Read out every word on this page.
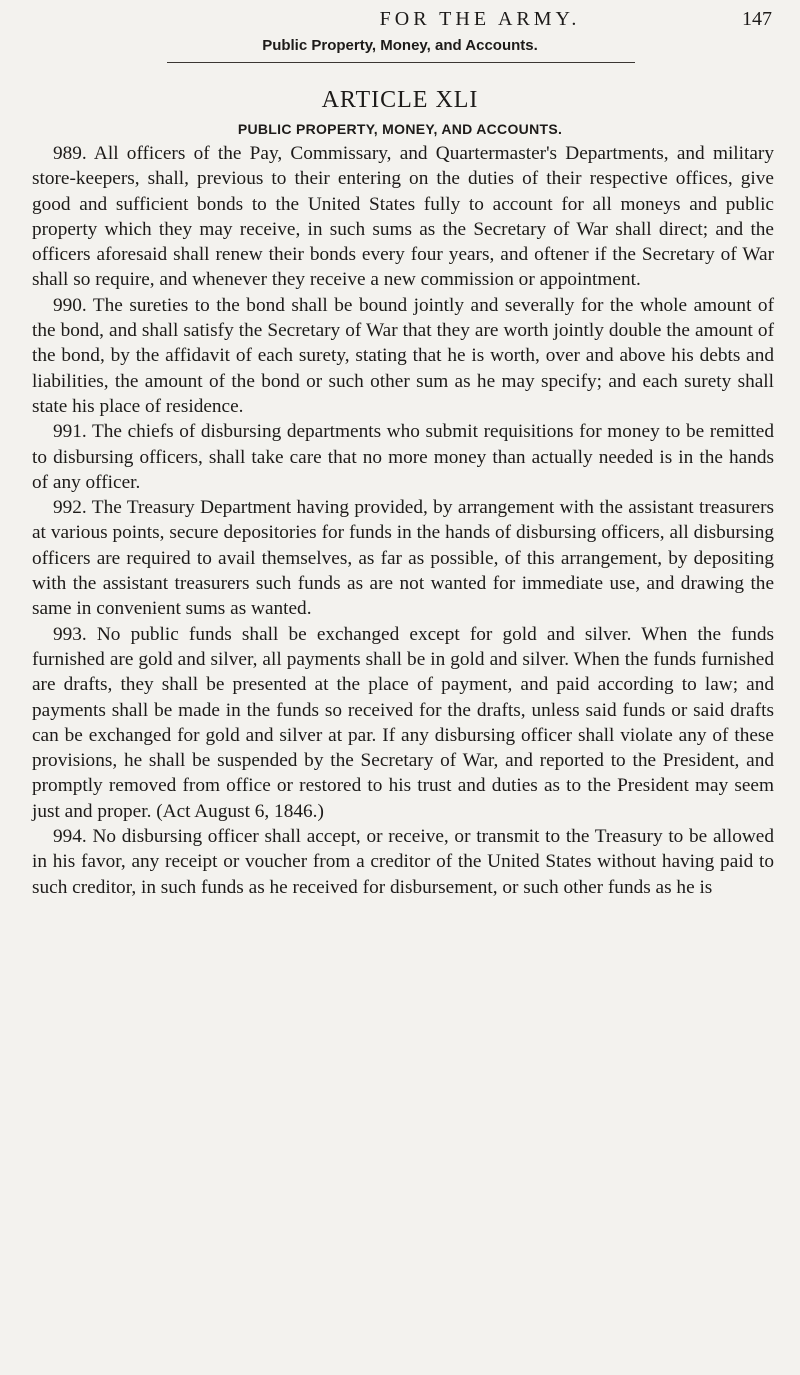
FOR THE ARMY.	147
Public Property, Money, and Accounts.
ARTICLE XLI
PUBLIC PROPERTY, MONEY, AND ACCOUNTS.

989. All officers of the Pay, Commissary, and Quartermaster's Departments, and military store-keepers, shall, previous to their entering on the duties of their respective offices, give good and sufficient bonds to the United States fully to account for all moneys and public property which they may receive, in such sums as the Secretary of War shall direct; and the officers aforesaid shall renew their bonds every four years, and oftener if the Secretary of War shall so require, and whenever they receive a new commission or appointment.

990. The sureties to the bond shall be bound jointly and severally for the whole amount of the bond, and shall satisfy the Secretary of War that they are worth jointly double the amount of the bond, by the affidavit of each surety, stating that he is worth, over and above his debts and liabilities, the amount of the bond or such other sum as he may specify; and each surety shall state his place of residence.

991. The chiefs of disbursing departments who submit requisitions for money to be remitted to disbursing officers, shall take care that no more money than actually needed is in the hands of any officer.

992. The Treasury Department having provided, by arrangement with the assistant treasurers at various points, secure depositories for funds in the hands of disbursing officers, all disbursing officers are required to avail themselves, as far as possible, of this arrangement, by depositing with the assistant treasurers such funds as are not wanted for immediate use, and drawing the same in convenient sums as wanted.

993. No public funds shall be exchanged except for gold and silver. When the funds furnished are gold and silver, all payments shall be in gold and silver. When the funds furnished are drafts, they shall be presented at the place of payment, and paid according to law; and payments shall be made in the funds so received for the drafts, unless said funds or said drafts can be exchanged for gold and silver at par. If any disbursing officer shall violate any of these provisions, he shall be suspended by the Secretary of War, and reported to the President, and promptly removed from office or restored to his trust and duties as to the President may seem just and proper. (Act August 6, 1846.)

994. No disbursing officer shall accept, or receive, or transmit to the Treasury to be allowed in his favor, any receipt or voucher from a creditor of the United States without having paid to such creditor, in such funds as he received for disbursement, or such other funds as he is
